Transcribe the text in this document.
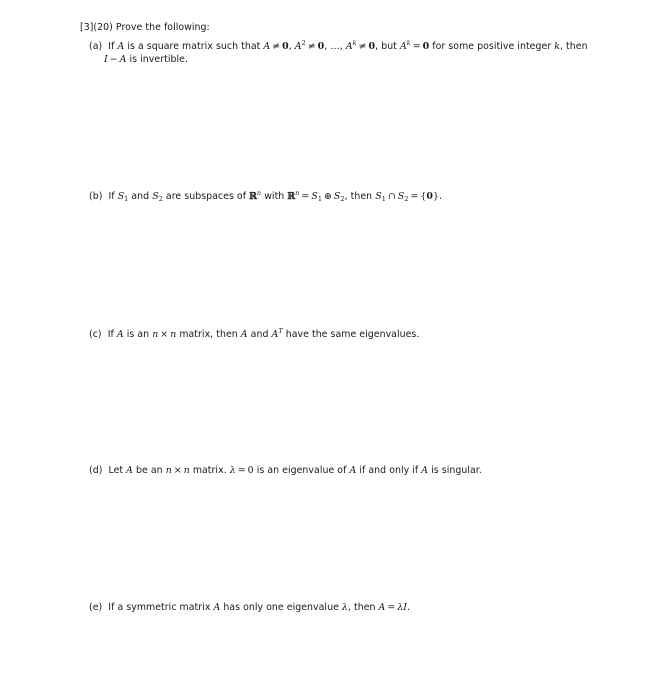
[3](20) Prove the following:
(a) If A is a square matrix such that A ≠ 0, $A^2 \ne 0$, …, $A^k \ne 0$, but $A^k = 0$ for some positive integer k, then
I − A is invertible.
(b) If $S_1$ and $S_2$ are subspaces of ℝ$^n$ with ℝ$^n$ = $S_1$ ⊕ $S_2$, then $S_1$ ∩ $S_2 = \{0\}$.
(c) If A is an n × n matrix, then A and $A^T$ have the same eigenvalues.
(d) Let A be an n × n matrix. λ = 0 is an eigenvalue of A if and only if A is singular.
(e) If a symmetric matrix A has only one eigenvalue λ, then A = λI.
